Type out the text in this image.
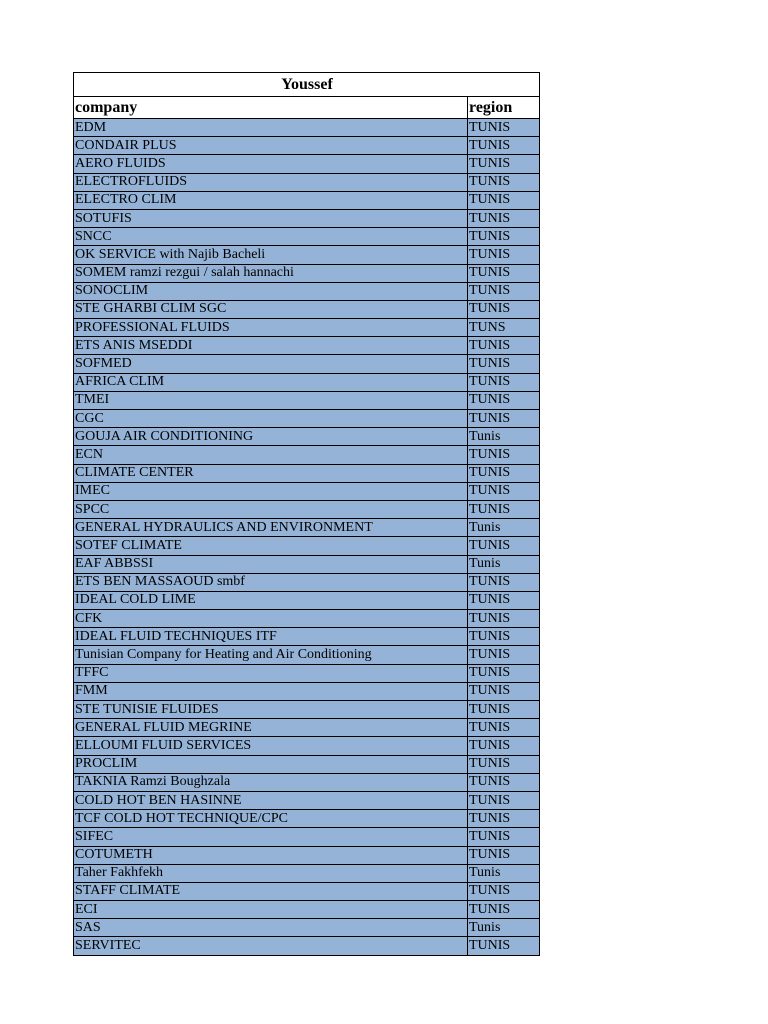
Youssef	
company	region
EDM	TUNIS
CONDAIR PLUS	TUNIS
AERO FLUIDS	TUNIS
ELECTROFLUIDS	TUNIS
ELECTRO CLIM	TUNIS
SOTUFIS	TUNIS
SNCC	TUNIS
OK SERVICE with Najib Bacheli	TUNIS
SOMEM ramzi rezgui / salah hannachi	TUNIS
SONOCLIM	TUNIS
STE GHARBI CLIM SGC	TUNIS
PROFESSIONAL FLUIDS	TUNS
ETS ANIS MSEDDI	TUNIS
SOFMED	TUNIS
AFRICA CLIM	TUNIS
TMEI	TUNIS
CGC	TUNIS
GOUJA AIR CONDITIONING	Tunis
ECN	TUNIS
CLIMATE CENTER	TUNIS
IMEC	TUNIS
SPCC	TUNIS
GENERAL HYDRAULICS AND ENVIRONMENT	Tunis
SOTEF CLIMATE	TUNIS
EAF ABBSSI	Tunis
ETS BEN MASSAOUD smbf	TUNIS
IDEAL COLD LIME	TUNIS
CFK	TUNIS
IDEAL FLUID TECHNIQUES ITF	TUNIS
Tunisian Company for Heating and Air Conditioning	TUNIS
TFFC	TUNIS
FMM	TUNIS
STE TUNISIE FLUIDES	TUNIS
GENERAL FLUID MEGRINE	TUNIS
ELLOUMI FLUID SERVICES	TUNIS
PROCLIM	TUNIS
TAKNIA Ramzi Boughzala	TUNIS
COLD HOT BEN HASINNE	TUNIS
TCF COLD HOT TECHNIQUE/CPC	TUNIS
SIFEC	TUNIS
COTUMETH	TUNIS
Taher Fakhfekh	Tunis
STAFF CLIMATE	TUNIS
ECI	TUNIS
SAS	Tunis
SERVITEC	TUNIS
